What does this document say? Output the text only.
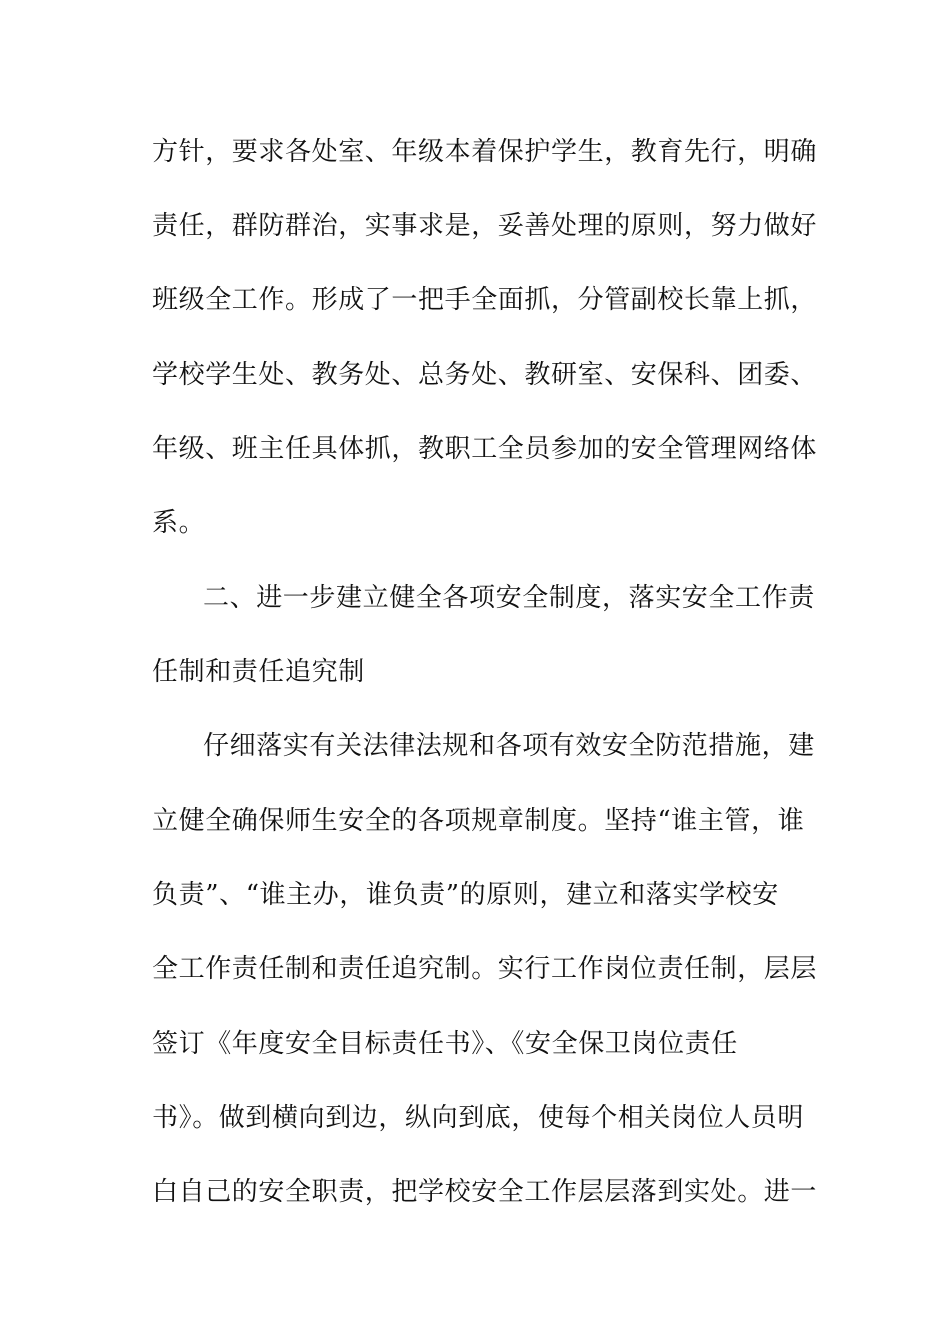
方针，要求各处室、年级本着保护学生，教育先行，明确
责任，群防群治，实事求是，妥善处理的原则，努力做好
班级全工作。形成了一把手全面抓，分管副校长靠上抓，
学校学生处、教务处、总务处、教研室、安保科、团委、
年级、班主任具体抓，教职工全员参加的安全管理网络体
系。
二、进一步建立健全各项安全制度，落实安全工作责
任制和责任追究制
仔细落实有关法律法规和各项有效安全防范措施，建
立健全确保师生安全的各项规章制度。坚持“谁主管，谁
负责”、“谁主办，谁负责”的原则，建立和落实学校安
全工作责任制和责任追究制。实行工作岗位责任制，层层
签订《年度安全目标责任书》、《安全保卫岗位责任
书》。做到横向到边，纵向到底，使每个相关岗位人员明
白自己的安全职责，把学校安全工作层层落到实处。进一
